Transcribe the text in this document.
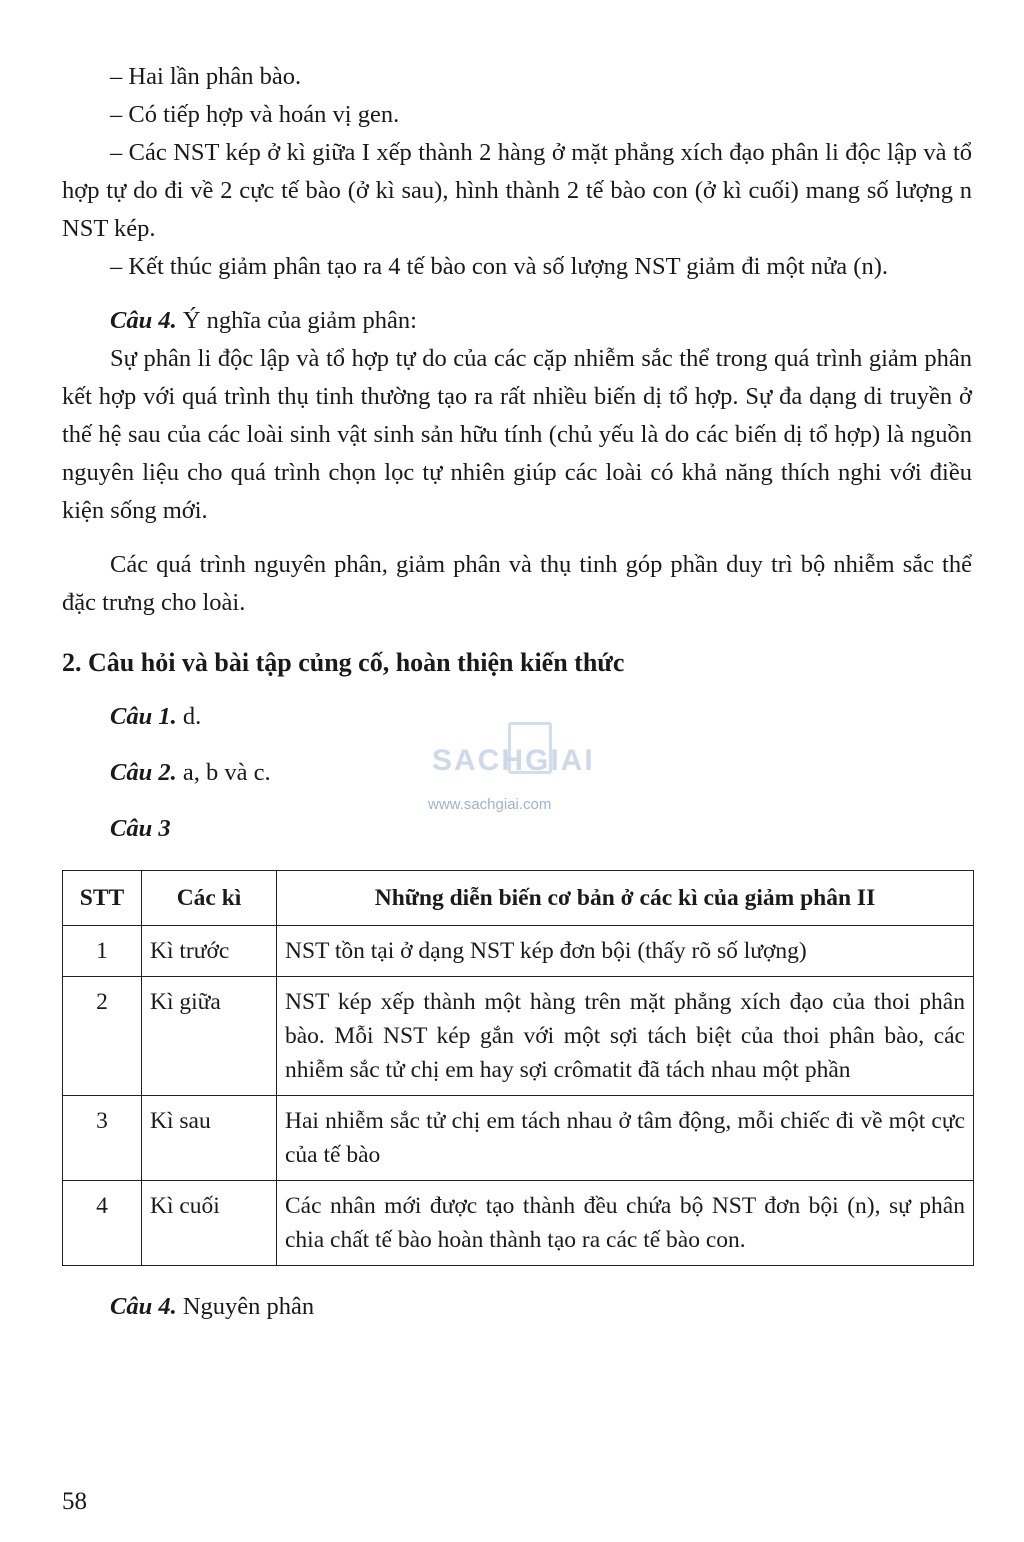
– Hai lần phân bào.

– Có tiếp hợp và hoán vị gen.

– Các NST kép ở kì giữa I xếp thành 2 hàng ở mặt phẳng xích đạo phân li độc lập và tổ hợp tự do đi về 2 cực tế bào (ở kì sau), hình thành 2 tế bào con (ở kì cuối) mang số lượng n NST kép.

– Kết thúc giảm phân tạo ra 4 tế bào con và số lượng NST giảm đi một nửa (n).

Câu 4. Ý nghĩa của giảm phân:

Sự phân li độc lập và tổ hợp tự do của các cặp nhiễm sắc thể trong quá trình giảm phân kết hợp với quá trình thụ tinh thường tạo ra rất nhiều biến dị tổ hợp. Sự đa dạng di truyền ở thế hệ sau của các loài sinh vật sinh sản hữu tính (chủ yếu là do các biến dị tổ hợp) là nguồn nguyên liệu cho quá trình chọn lọc tự nhiên giúp các loài có khả năng thích nghi với điều kiện sống mới.

Các quá trình nguyên phân, giảm phân và thụ tinh góp phần duy trì bộ nhiễm sắc thể đặc trưng cho loài.

2. Câu hỏi và bài tập củng cố, hoàn thiện kiến thức

Câu 1. d.

Câu 2. a, b và c.

Câu 3

STT	Các kì	Những diễn biến cơ bản ở các kì của giảm phân II
1	Kì trước	NST tồn tại ở dạng NST kép đơn bội (thấy rõ số lượng)
2	Kì giữa	NST kép xếp thành một hàng trên mặt phẳng xích đạo của thoi phân bào. Mỗi NST kép gắn với một sợi tách biệt của thoi phân bào, các nhiễm sắc tử chị em hay sợi crômatit đã tách nhau một phần
3	Kì sau	Hai nhiễm sắc tử chị em tách nhau ở tâm động, mỗi chiếc đi về một cực của tế bào
4	Kì cuối	Các nhân mới được tạo thành đều chứa bộ NST đơn bội (n), sự phân chia chất tế bào hoàn thành tạo ra các tế bào con.

Câu 4. Nguyên phân

SACHGIAI
www.sachgiai.com
58
